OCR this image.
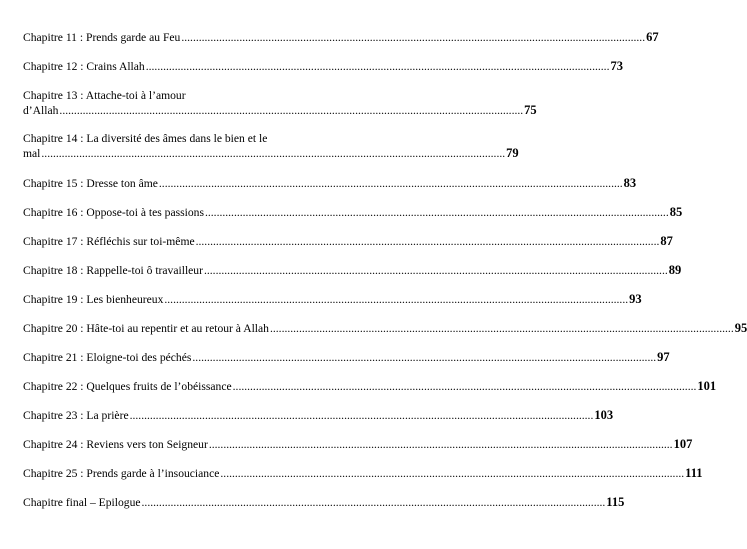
Chapitre 11 : Prends garde au Feu ................................................................................................................................................................ 67
Chapitre 12 : Crains Allah ................................................................................................................................................................ 73
Chapitre 13 : Attache-toi à l’amour
d’Allah ................................................................................................................................................................ 75
Chapitre 14 : La diversité des âmes dans le bien et le
mal ................................................................................................................................................................ 79
Chapitre 15 : Dresse ton âme ................................................................................................................................................................ 83
Chapitre 16 : Oppose-toi à tes passions ................................................................................................................................................................ 85
Chapitre 17 : Réfléchis sur toi-même ................................................................................................................................................................ 87
Chapitre 18 : Rappelle-toi ô travailleur ................................................................................................................................................................ 89
Chapitre 19 : Les bienheureux ................................................................................................................................................................ 93
Chapitre 20 : Hâte-toi au repentir et au retour à Allah ................................................................................................................................................................ 95
Chapitre 21 : Eloigne-toi des péchés ................................................................................................................................................................ 97
Chapitre 22 : Quelques fruits de l’obéissance ................................................................................................................................................................ 101
Chapitre 23 : La prière ................................................................................................................................................................ 103
Chapitre 24 : Reviens vers ton Seigneur ................................................................................................................................................................ 107
Chapitre 25 : Prends garde à l’insouciance ................................................................................................................................................................ 111
Chapitre final – Epilogue ................................................................................................................................................................ 115
